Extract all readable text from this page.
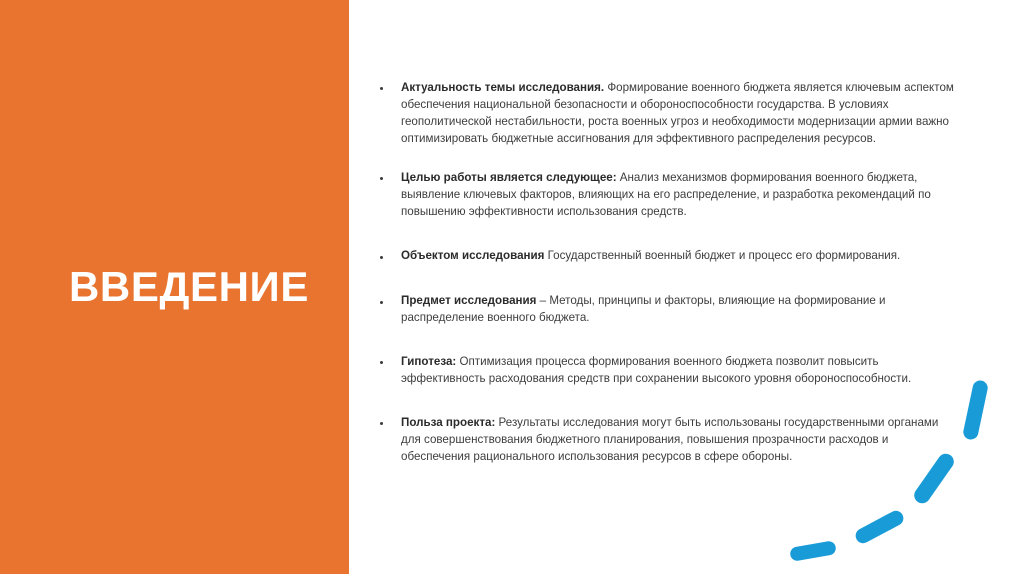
ВВЕДЕНИЕ
Актуальность темы исследования. Формирование военного бюджета является ключевым аспектом обеспечения национальной безопасности и обороноспособности государства. В условиях геополитической нестабильности, роста военных угроз и необходимости модернизации армии важно оптимизировать бюджетные ассигнования для эффективного распределения ресурсов.
Целью работы является следующее: Анализ механизмов формирования военного бюджета, выявление ключевых факторов, влияющих на его распределение, и разработка рекомендаций по повышению эффективности использования средств.
Объектом исследования Государственный военный бюджет и процесс его формирования.
Предмет исследования – Методы, принципы и факторы, влияющие на формирование и распределение военного бюджета.
Гипотеза: Оптимизация процесса формирования военного бюджета позволит повысить эффективность расходования средств при сохранении высокого уровня обороноспособности.
Польза проекта: Результаты исследования могут быть использованы государственными органами для совершенствования бюджетного планирования, повышения прозрачности расходов и обеспечения рационального использования ресурсов в сфере обороны.
